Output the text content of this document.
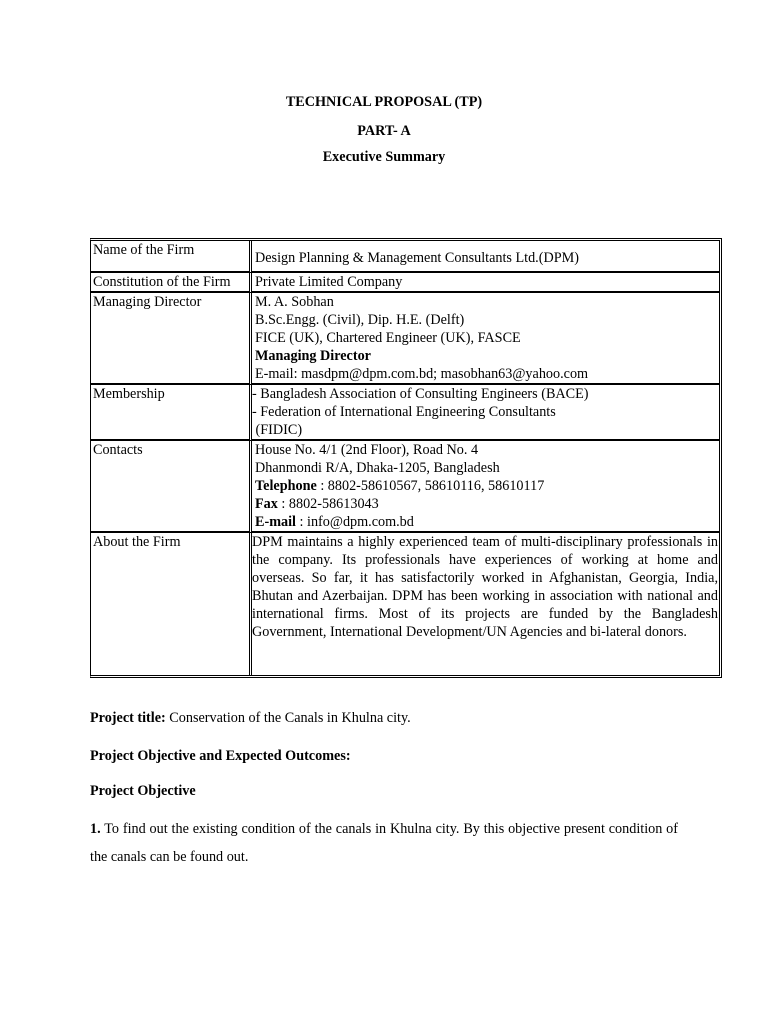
TECHNICAL PROPOSAL (TP)
PART- A
Executive Summary
Name of the Firm	Design Planning & Management Consultants Ltd.(DPM)
Constitution of the Firm	Private Limited Company
Managing Director	M. A. Sobhan
B.Sc.Engg. (Civil), Dip. H.E. (Delft)
FICE (UK), Chartered Engineer (UK), FASCE
Managing Director
E-mail: masdpm@dpm.com.bd; masobhan63@yahoo.com

Membership	- Bangladesh Association of Consulting Engineers (BACE)
- Federation of International Engineering Consultants
(FIDIC)

Contacts	House No. 4/1 (2nd Floor), Road No. 4
Dhanmondi R/A, Dhaka-1205, Bangladesh
Telephone : 8802-58610567, 58610116, 58610117
Fax : 8802-58613043
E-mail : info@dpm.com.bd

About the Firm	DPM maintains a highly experienced team of multi-disciplinary professionals in the company. Its professionals have experiences of working at home and overseas. So far, it has satisfactorily worked in Afghanistan, Georgia, India, Bhutan and Azerbaijan. DPM has been working in association with national and international firms. Most of its projects are funded by the Bangladesh Government, International Development/UN Agencies and bi-lateral donors.
Project title: Conservation of the Canals in Khulna city.
Project Objective and Expected Outcomes:
Project Objective
1. To find out the existing condition of the canals in Khulna city. By this objective present condition of the canals can be found out.
